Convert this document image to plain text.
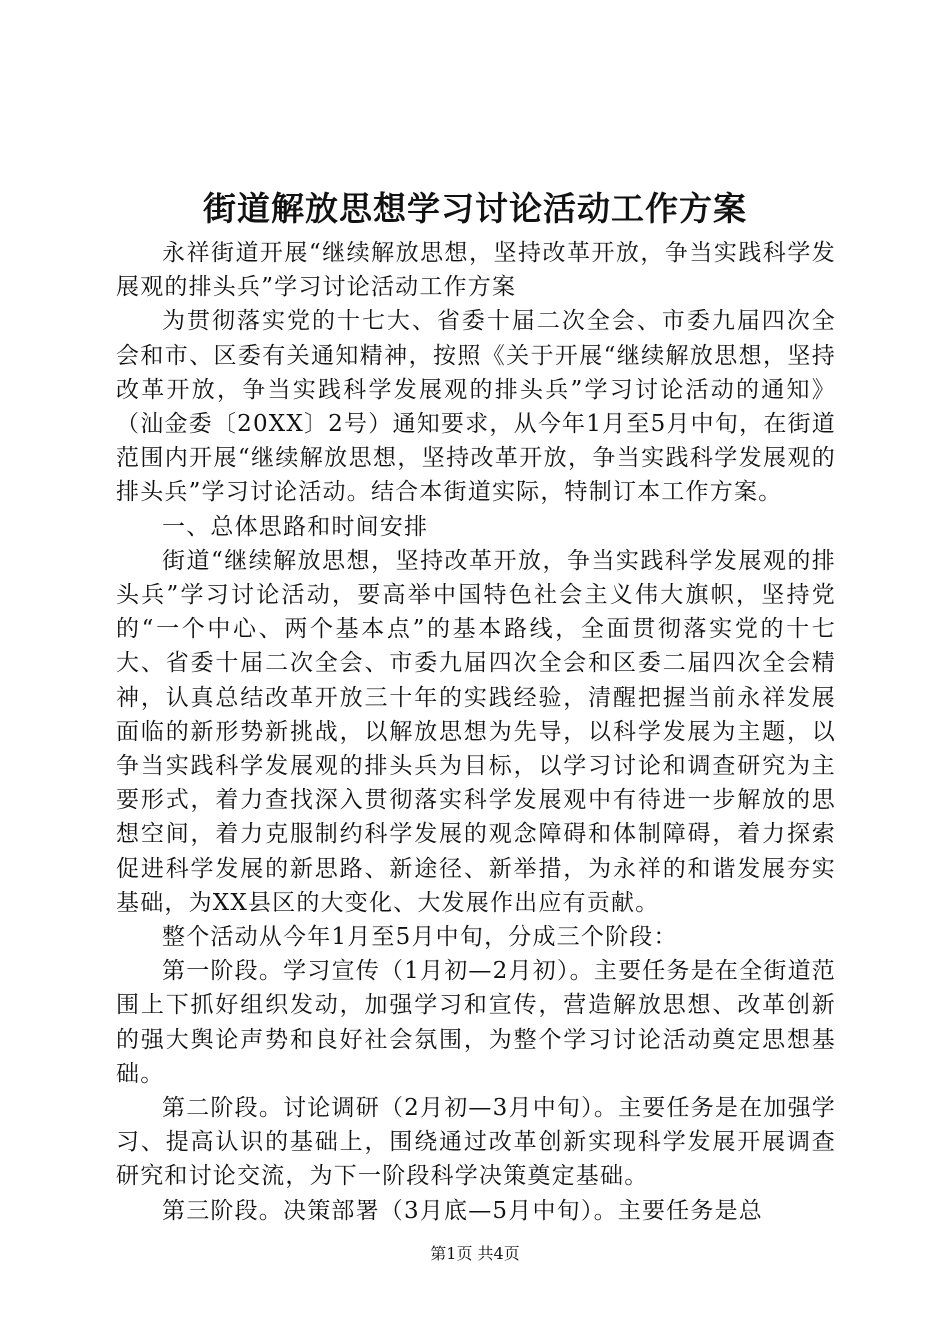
街道解放思想学习讨论活动工作方案

永祥街道开展“继续解放思想，坚持改革开放，争当实践科学发展观的排头兵”学习讨论活动工作方案

为贯彻落实党的十七大、省委十届二次全会、市委九届四次全会和市、区委有关通知精神，按照《关于开展“继续解放思想，坚持改革开放，争当实践科学发展观的排头兵”学习讨论活动的通知》（汕金委〔20XX〕2号）通知要求，从今年1月至5月中旬，在街道范围内开展“继续解放思想，坚持改革开放，争当实践科学发展观的排头兵”学习讨论活动。结合本街道实际，特制订本工作方案。

一、总体思路和时间安排

街道“继续解放思想，坚持改革开放，争当实践科学发展观的排头兵”学习讨论活动，要高举中国特色社会主义伟大旗帜，坚持党的“一个中心、两个基本点”的基本路线，全面贯彻落实党的十七大、省委十届二次全会、市委九届四次全会和区委二届四次全会精神，认真总结改革开放三十年的实践经验，清醒把握当前永祥发展面临的新形势新挑战，以解放思想为先导，以科学发展为主题，以争当实践科学发展观的排头兵为目标，以学习讨论和调查研究为主要形式，着力查找深入贯彻落实科学发展观中有待进一步解放的思想空间，着力克服制约科学发展的观念障碍和体制障碍，着力探索促进科学发展的新思路、新途径、新举措，为永祥的和谐发展夯实基础，为XX县区的大变化、大发展作出应有贡献。

整个活动从今年1月至5月中旬，分成三个阶段：

第一阶段。学习宣传（1月初—2月初）。主要任务是在全街道范围上下抓好组织发动，加强学习和宣传，营造解放思想、改革创新的强大舆论声势和良好社会氛围，为整个学习讨论活动奠定思想基础。

第二阶段。讨论调研（2月初—3月中旬）。主要任务是在加强学习、提高认识的基础上，围绕通过改革创新实现科学发展开展调查研究和讨论交流，为下一阶段科学决策奠定基础。

第三阶段。决策部署（3月底—5月中旬）。主要任务是总

第1页 共4页
